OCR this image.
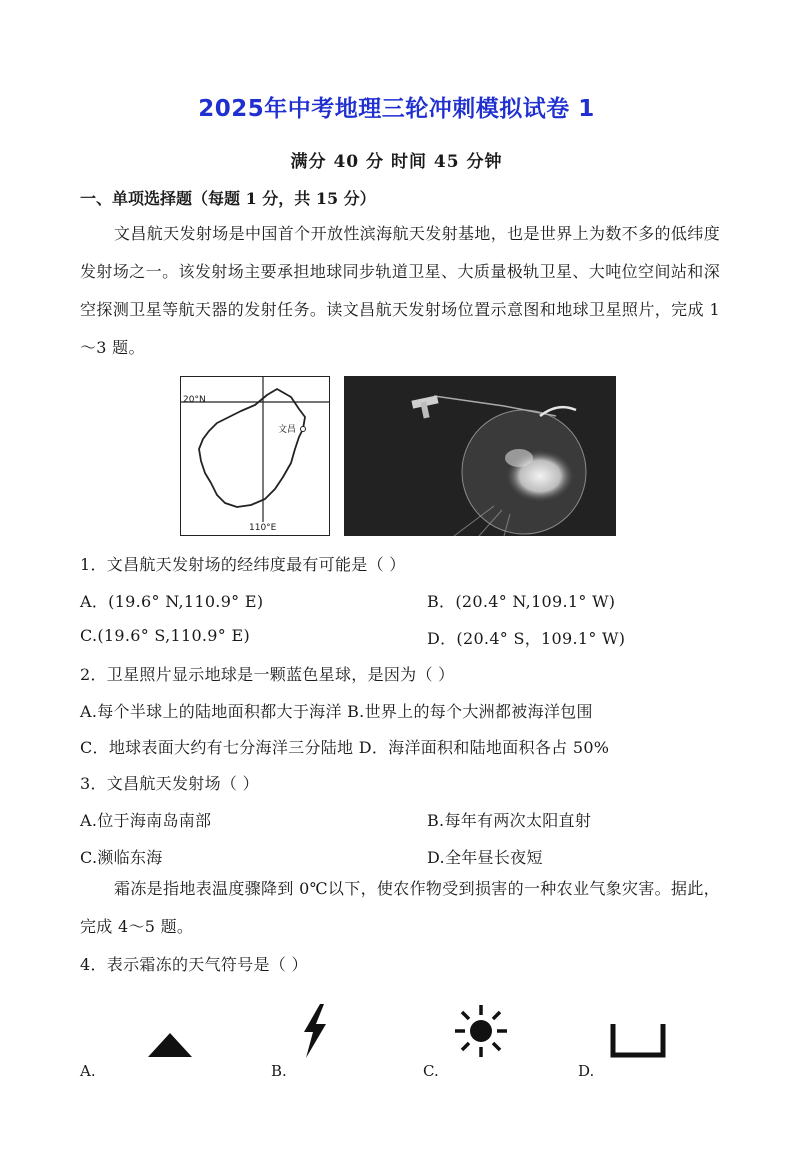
2025年中考地理三轮冲刺模拟试卷 1
满分 40 分 时间 45 分钟
一、单项选择题（每题 1 分，共 15 分）
文昌航天发射场是中国首个开放性滨海航天发射基地，也是世界上为数不多的低纬度发射场之一。该发射场主要承担地球同步轨道卫星、大质量极轨卫星、大吨位空间站和深空探测卫星等航天器的发射任务。读文昌航天发射场位置示意图和地球卫星照片，完成 1～3 题。
20°N
文昌
110°E
1．文昌航天发射场的经纬度最有可能是（ ）
A．(19.6° N,110.9° E)	B．(20.4° N,109.1° W)
C.(19.6° S,110.9° E)	D．(20.4° S，109.1° W)
2．卫星照片显示地球是一颗蓝色星球，是因为（ ）
A.每个半球上的陆地面积都大于海洋 B.世界上的每个大洲都被海洋包围
C．地球表面大约有七分海洋三分陆地 D．海洋面积和陆地面积各占 50%
3．文昌航天发射场（ ）
A.位于海南岛南部	B.每年有两次太阳直射
C.濒临东海	D.全年昼长夜短
霜冻是指地表温度骤降到 0℃以下，使农作物受到损害的一种农业气象灾害。据此，完成 4～5 题。
4．表示霜冻的天气符号是（ ）
A.	B.	C.	D.
